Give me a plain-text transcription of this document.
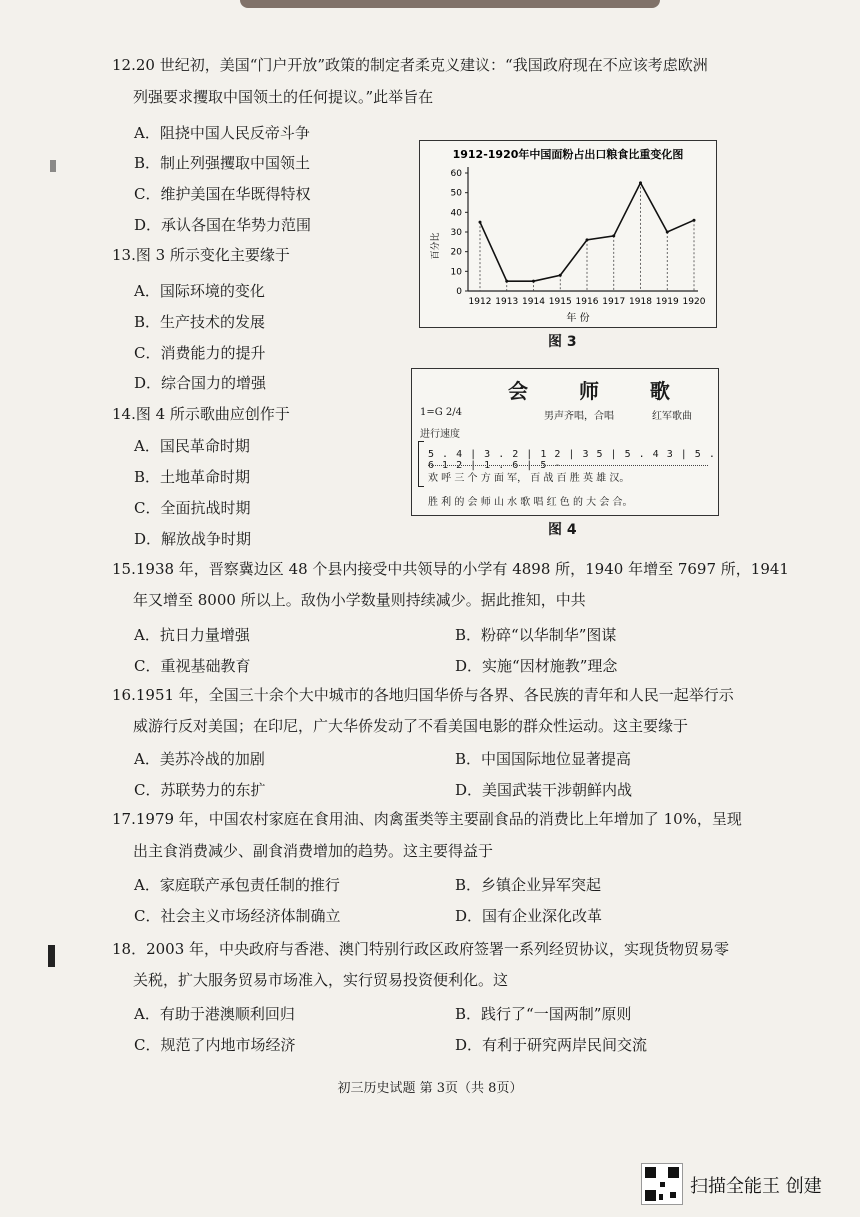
12.20 世纪初，美国“门户开放”政策的制定者柔克义建议：“我国政府现在不应该考虑欧洲
列强要求攫取中国领土的任何提议。”此举旨在
A．阻挠中国人民反帝斗争
B．制止列强攫取中国领土
C．维护美国在华既得特权
D．承认各国在华势力范围
13.图 3 所示变化主要缘于
A．国际环境的变化
B．生产技术的发展
C．消费能力的提升
D．综合国力的增强
14.图 4 所示歌曲应创作于
A．国民革命时期
B．土地革命时期
C．全面抗战时期
D．解放战争时期
1912-1920年中国面粉占出口粮食比重变化图
百分比
年 份
0
10
20
30
40
50
60
1912 1913 1914 1915 1916 1917 1918 1919 1920
图 3
会 师 歌
1=G 2/4	男声齐唱，合唱	红军歌曲
进行速度
5 . 4 | 3 . 2 | 1 2 | 3 5 | 5 . 4 3 | 5 . 6 1 2 | 1 . 6 | 5 -
欢 呼 三 个 方 面 军， 百 战 百 胜 英 雄 汉。
胜 利 的 会 师 山 水 歌 唱 红 色 的 大 会 合。
图 4
15.1938 年，晋察冀边区 48 个县内接受中共领导的小学有 4898 所，1940 年增至 7697 所，1941
年又增至 8000 所以上。敌伪小学数量则持续减少。据此推知，中共
A．抗日力量增强	B．粉碎“以华制华”图谋
C．重视基础教育	D．实施“因材施教”理念
16.1951 年，全国三十余个大中城市的各地归国华侨与各界、各民族的青年和人民一起举行示
威游行反对美国；在印尼，广大华侨发动了不看美国电影的群众性运动。这主要缘于
A．美苏冷战的加剧	B．中国国际地位显著提高
C．苏联势力的东扩	D．美国武装干涉朝鲜内战
17.1979 年，中国农村家庭在食用油、肉禽蛋类等主要副食品的消费比上年增加了 10%，呈现
出主食消费减少、副食消费增加的趋势。这主要得益于
A．家庭联产承包责任制的推行	B．乡镇企业异军突起
C．社会主义市场经济体制确立	D．国有企业深化改革
18．2003 年，中央政府与香港、澳门特别行政区政府签署一系列经贸协议，实现货物贸易零
关税，扩大服务贸易市场准入，实行贸易投资便利化。这
A．有助于港澳顺利回归	B．践行了“一国两制”原则
C．规范了内地市场经济	D．有利于研究两岸民间交流
初三历史试题 第 3页（共 8页）
扫描全能王 创建
